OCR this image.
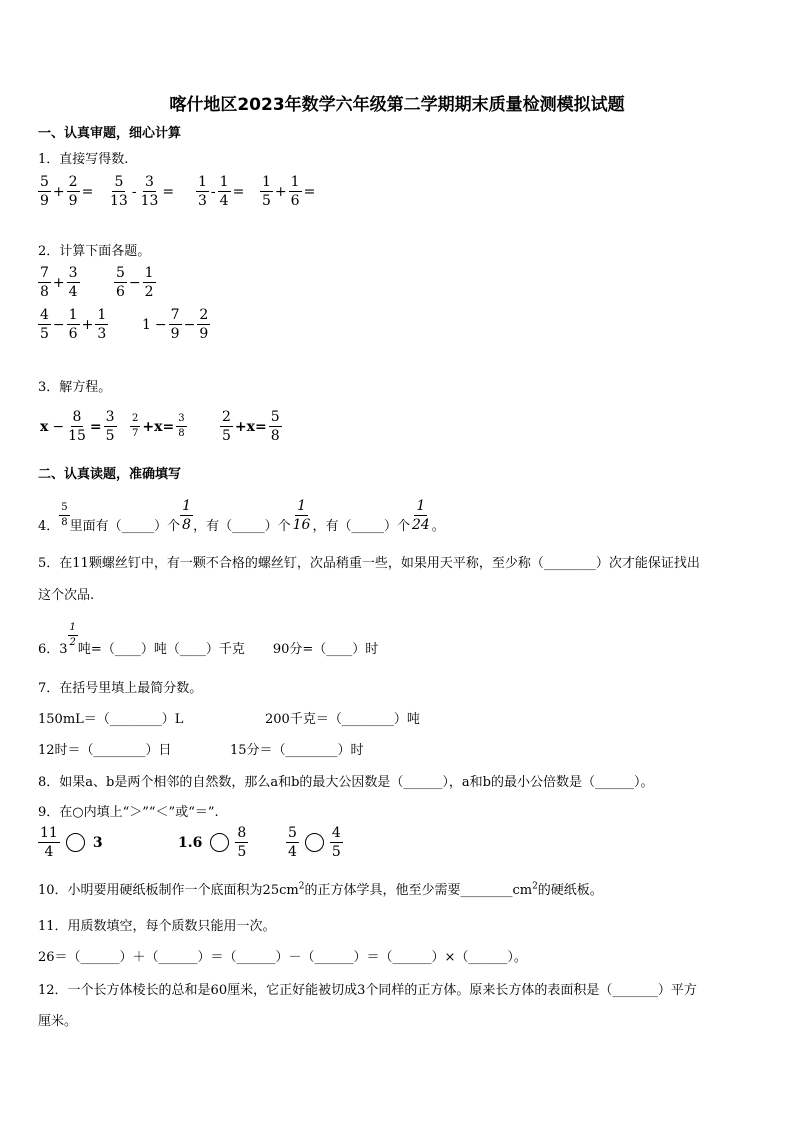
喀什地区2023年数学六年级第二学期期末质量检测模拟试题
一、认真审题，细心计算
1．直接写得数.
$\frac{5}{9} + \frac{2}{9} = \frac{5}{13} - \frac{3}{13} = \frac{1}{3} - \frac{1}{4} = \frac{1}{5} + \frac{1}{6}$ =
2．计算下面各题。
$\frac{7}{8} + \frac{3}{4} \frac{5}{6} - \frac{1}{2}$
$\frac{4}{5} - \frac{1}{6} + \frac{1}{3} 1 - \frac{7}{9} - \frac{2}{9}$
3．解方程。
$x - \frac{8}{15} = \frac{3}{5} \frac{2}{7} +x= \frac{3}{8} \frac{2}{5} +x= \frac{5}{8}$
二、认真读题，准确填写
4． $\frac{5}{8}$ 里面有（_____）个 $\frac{1}{8}$ ，有（_____）个 $\frac{1}{16}$ ，有（_____）个 $\frac{1}{24}$ 。
5．在11颗螺丝钉中，有一颗不合格的螺丝钉，次品稍重一些，如果用天平称，至少称（________）次才能保证找出
这个次品.
6．3
$\frac{1}{2}$
吨=（____）吨（____）千克 90分=（____）时
7．在括号里填上最简分数。
150mL＝（________）L	200千克＝（________）吨
12时＝（________）日	15分＝（________）时
8．如果a、b是两个相邻的自然数，那么a和b的最大公因数是（______），a和b的最小公倍数是（______）。
9．在○内填上“＞”“＜”或“＝”.
$\frac{11}{4} 3$	$1.6 \frac{8}{5}$	$\frac{5}{4} \frac{4}{5}$
10．小明要用硬纸板制作一个底面积为$25cm^2$的正方体学具，他至少需要$\_\_\_\_\_\_\_\_cm^2$的硬纸板。
11．用质数填空，每个质数只能用一次。
26＝（______）＋（______）＝（______）－（______）＝（______）×（______）。
12．一个长方体棱长的总和是60厘米，它正好能被切成3个同样的正方体。原来长方体的表面积是（_______）平方
厘米。
